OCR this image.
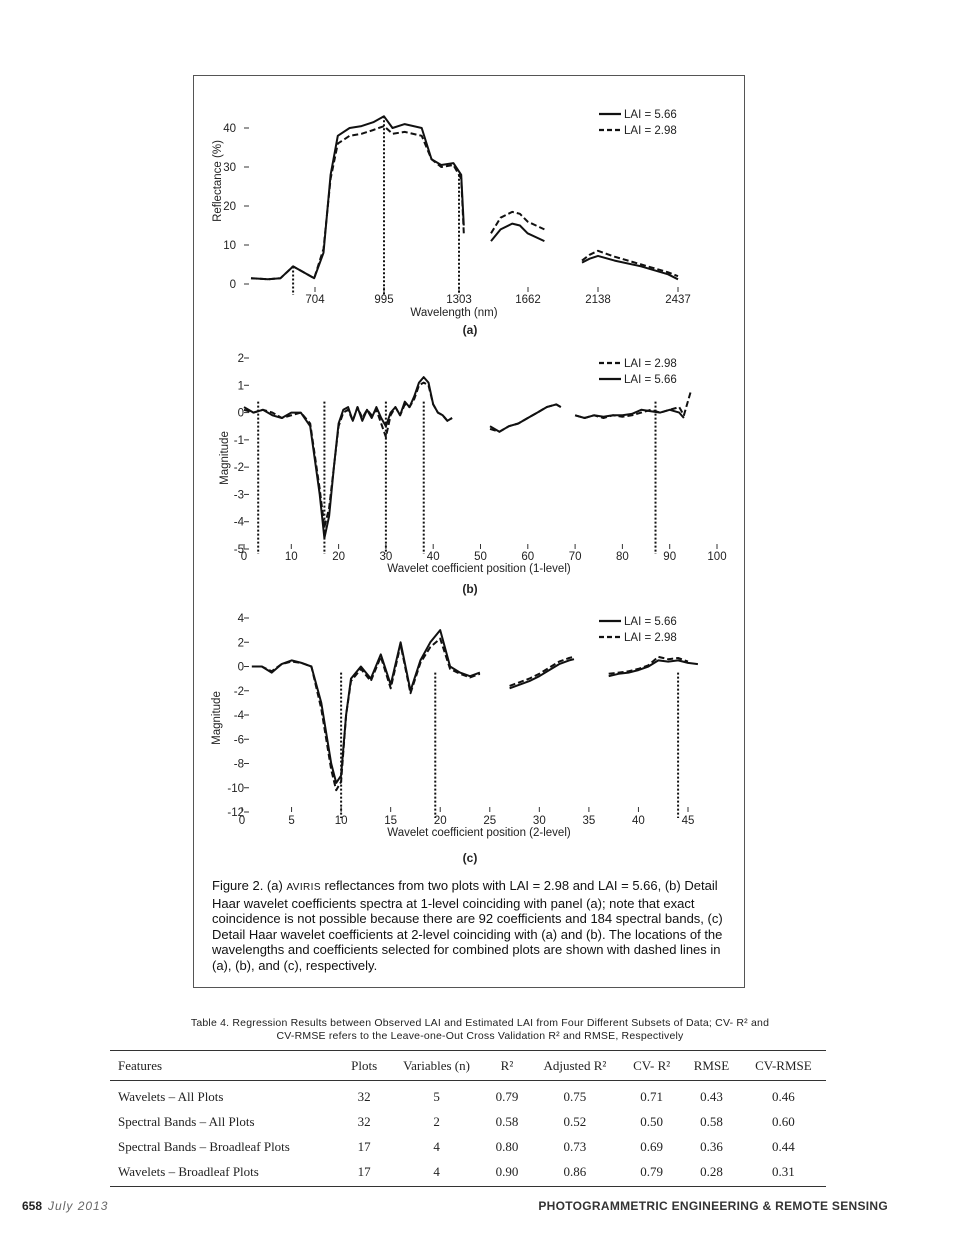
0
10
20
30
40
704	995	1303	1662	2138	2437
Wavelength (nm)
Reflectance (%)
LAI = 5.66
LAI = 2.98
(a)
2
1
0
-1
-2
-3
-4
-5
0	10	20	30	40	50	60	70	80	90	100
Wavelet coefficient position (1-level)
Magnitude
LAI = 2.98
LAI = 5.66
(b)
4
2
0
-2
-4
-6
-8
-10
-12
0	5	10	15	20	25	30	35	40	45
Wavelet coefficient position (2-level)
Magnitude
LAI = 5.66
LAI = 2.98
(c)
Figure 2. (a) AVIRIS reflectances from two plots with LAI = 2.98 and LAI = 5.66, (b) Detail Haar wavelet coefficients spectra at 1-level coinciding with panel (a); note that exact coincidence is not possible because there are 92 coefficients and 184 spectral bands, (c) Detail Haar wavelet coefficients at 2-level coinciding with (a) and (b). The locations of the wavelengths and coefficients selected for combined plots are shown with dashed lines in (a), (b), and (c), respectively.
Table 4. Regression Results between Observed LAI and Estimated LAI from Four Different Subsets of Data; CV- R² and
CV-RMSE refers to the Leave-one-Out Cross Validation R² and RMSE, Respectively
Features	Plots	Variables (n)	R²	Adjusted R²	CV- R²	RMSE	CV-RMSE
Wavelets – All Plots	32	5	0.79	0.75	0.71	0.43	0.46
Spectral Bands – All Plots	32	2	0.58	0.52	0.50	0.58	0.60
Spectral Bands – Broadleaf Plots	17	4	0.80	0.73	0.69	0.36	0.44
Wavelets – Broadleaf Plots	17	4	0.90	0.86	0.79	0.28	0.31
658 July 2013	PHOTOGRAMMETRIC ENGINEERING & REMOTE SENSING
